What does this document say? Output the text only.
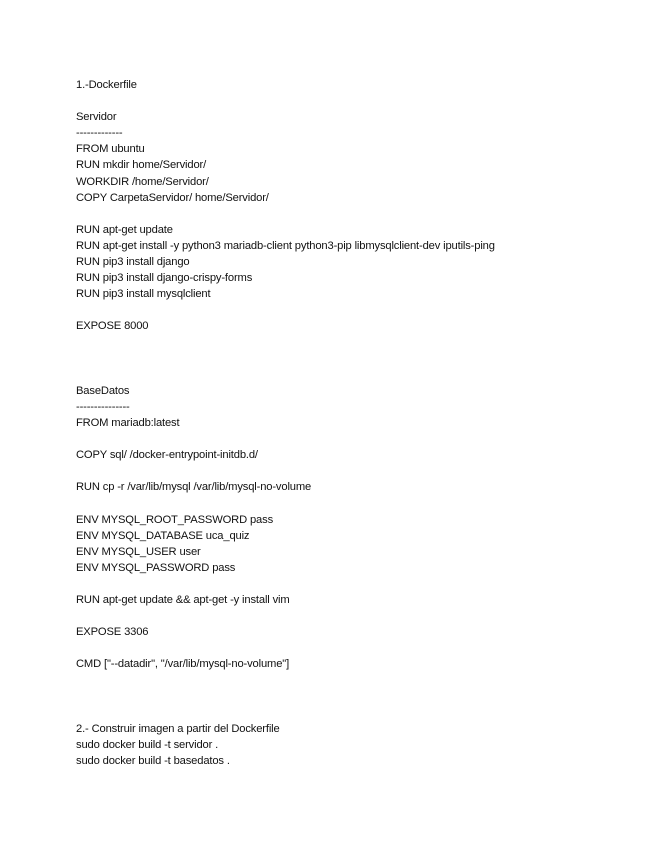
1.-Dockerfile
Servidor
-------------
FROM ubuntu
RUN mkdir home/Servidor/
WORKDIR /home/Servidor/
COPY CarpetaServidor/ home/Servidor/
RUN apt-get update
RUN apt-get install -y python3 mariadb-client python3-pip libmysqlclient-dev iputils-ping
RUN pip3 install django
RUN pip3 install django-crispy-forms
RUN pip3 install mysqlclient
EXPOSE 8000
BaseDatos
---------------
FROM mariadb:latest
COPY sql/ /docker-entrypoint-initdb.d/
RUN cp -r /var/lib/mysql /var/lib/mysql-no-volume
ENV MYSQL_ROOT_PASSWORD pass
ENV MYSQL_DATABASE uca_quiz
ENV MYSQL_USER user
ENV MYSQL_PASSWORD pass
RUN apt-get update && apt-get -y install vim
EXPOSE 3306
CMD ["--datadir", "/var/lib/mysql-no-volume"]
2.- Construir imagen a partir del Dockerfile
sudo docker build -t servidor .
sudo docker build -t basedatos .
